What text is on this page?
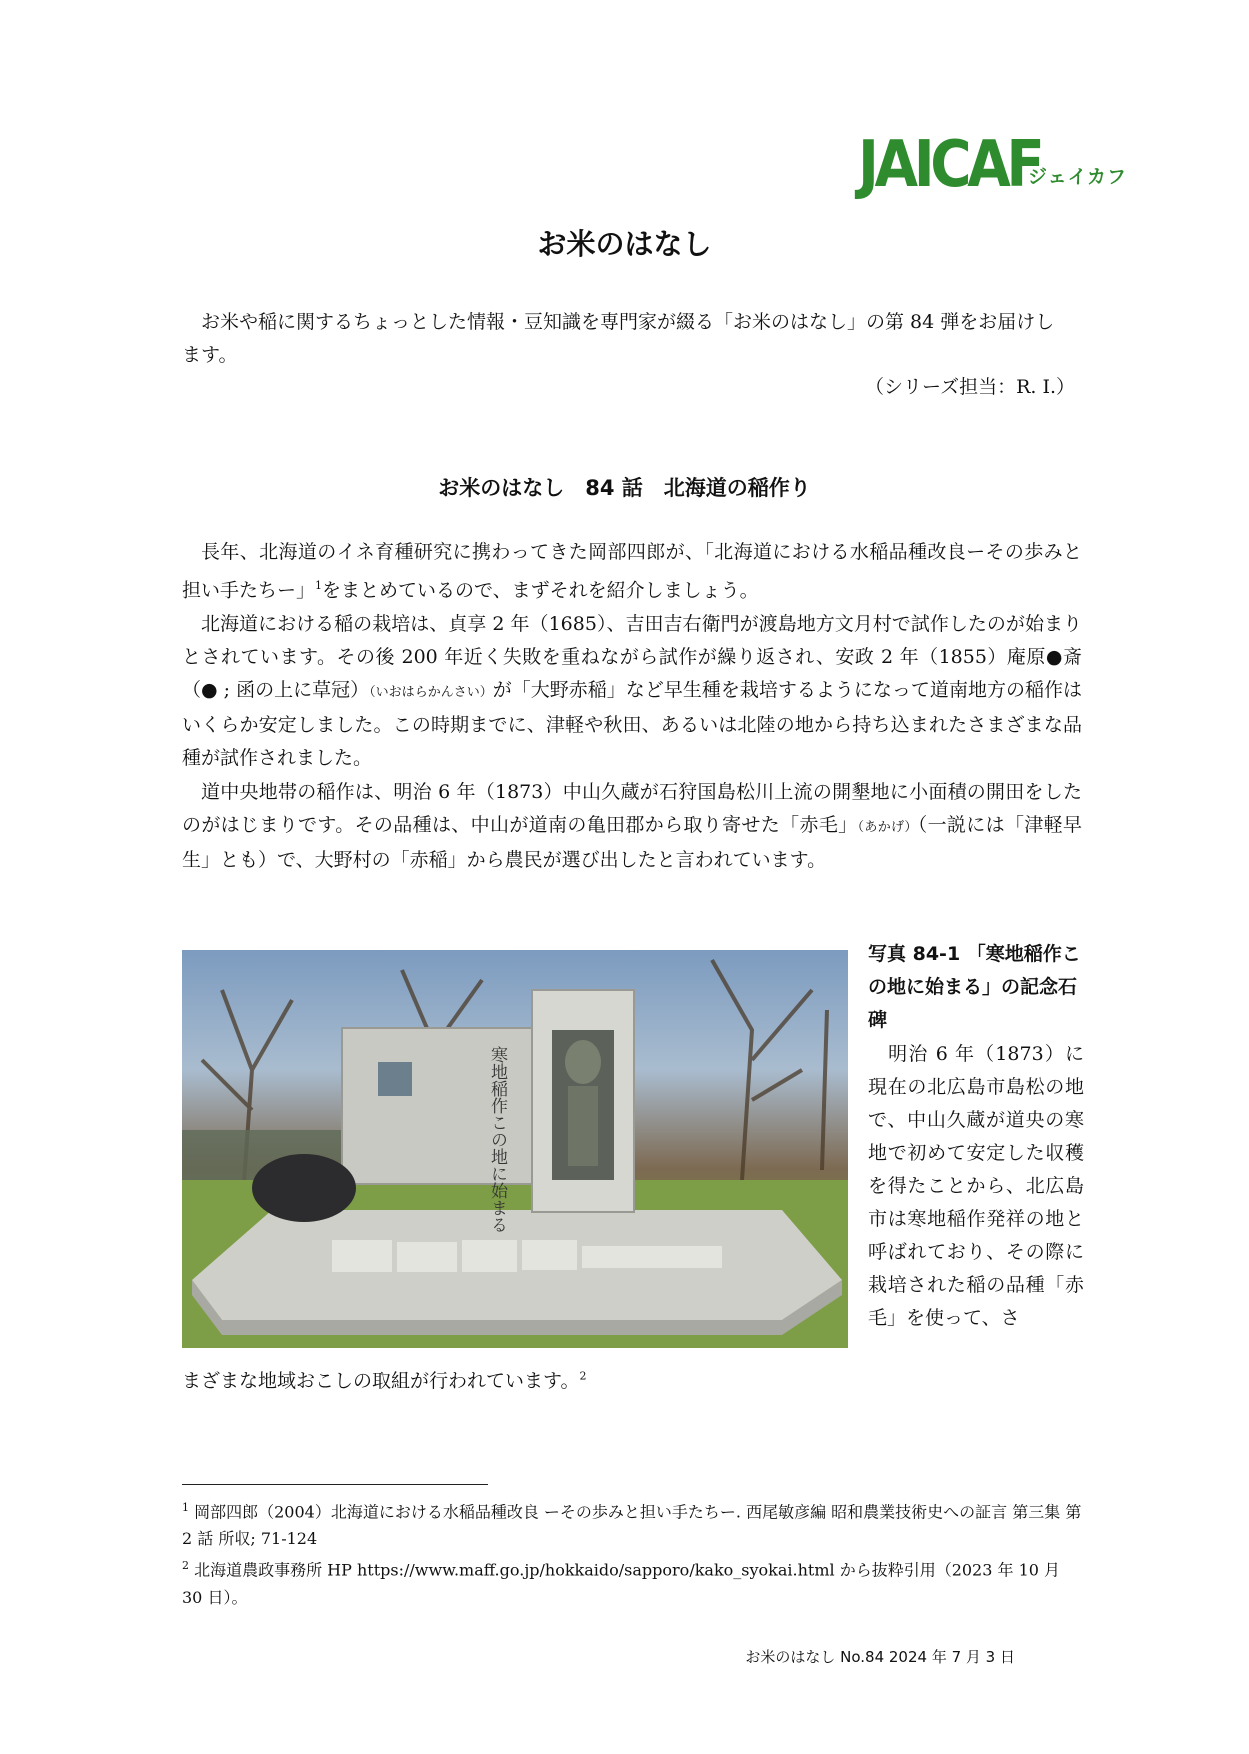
JAICAF
ジェイカフ
お米のはなし
お米や稲に関するちょっとした情報・豆知識を専門家が綴る「お米のはなし」の第 84 弾をお届けします。
（シリーズ担当：R. I.）
お米のはなし　84 話　北海道の稲作り

長年、北海道のイネ育種研究に携わってきた岡部四郎が、「北海道における水稲品種改良ーその歩みと担い手たちー」$^1$をまとめているので、まずそれを紹介しましょう。

北海道における稲の栽培は、貞享 2 年（1685）、吉田吉右衛門が渡島地方文月村で試作したのが始まりとされています。その後 200 年近く失敗を重ねながら試作が繰り返され、安政 2 年（1855）庵原●斎（● ; 函の上に草冠）（いおはらかんさい）が「大野赤稲」など早生種を栽培するようになって道南地方の稲作はいくらか安定しました。この時期までに、津軽や秋田、あるいは北陸の地から持ち込まれたさまざまな品種が試作されました。

道中央地帯の稲作は、明治 6 年（1873）中山久蔵が石狩国島松川上流の開墾地に小面積の開田をしたのがはじまりです。その品種は、中山が道南の亀田郡から取り寄せた「赤毛」（あかげ）（一説には「津軽早生」とも）で、大野村の「赤稲」から農民が選び出したと言われています。

寒地稲作この地に始まる
写真 84-1 「寒地稲作この地に始まる」の記念石碑
明治 6 年（1873）に現在の北広島市島松の地で、中山久蔵が道央の寒地で初めて安定した収穫を得たことから、北広島市は寒地稲作発祥の地と呼ばれており、その際に栽培された稲の品種「赤毛」を使って、さ
まざまな地域おこしの取組が行われています。$^2$

$^1$ 岡部四郎（2004）北海道における水稲品種改良 ーその歩みと担い手たちー. 西尾敏彦編 昭和農業技術史への証言 第三集 第 2 話 所収; 71-124

$^2$ 北海道農政事務所 HP https://www.maff.go.jp/hokkaido/sapporo/kako_syokai.html から抜粋引用（2023 年 10 月 30 日）。

お米のはなし No.84 2024 年 7 月 3 日
